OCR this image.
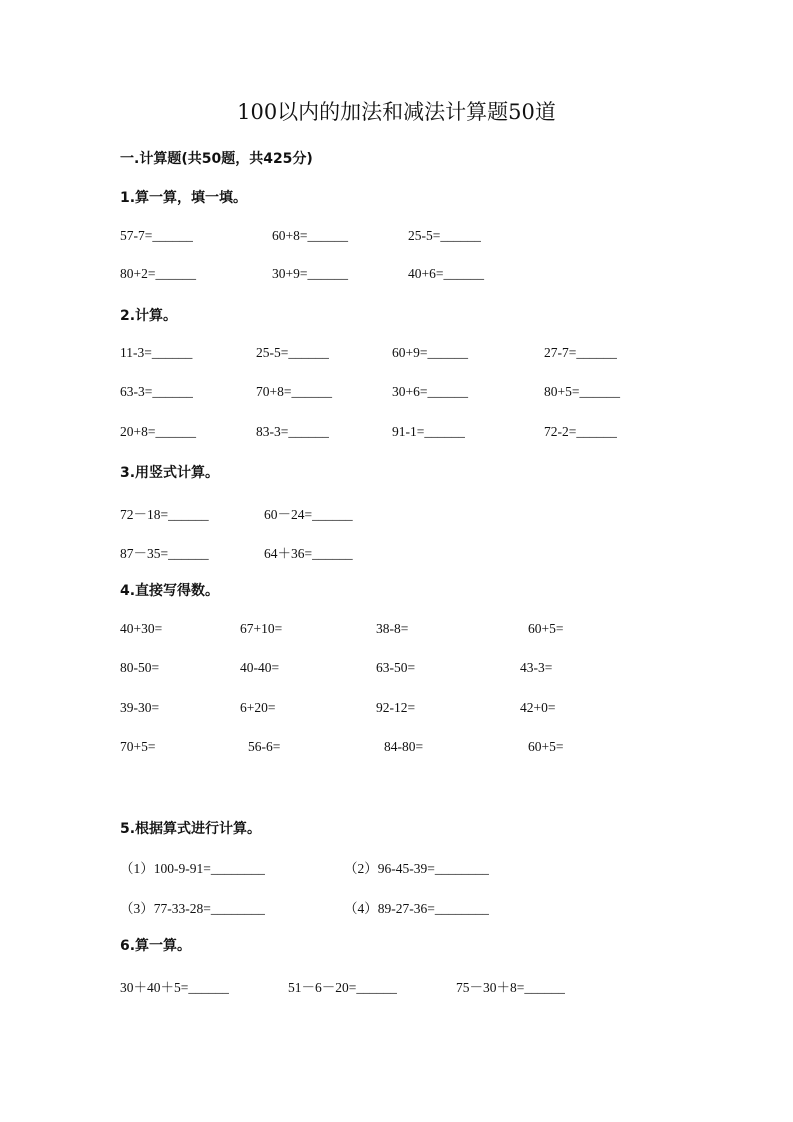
100以内的加法和减法计算题50道
一.计算题(共50题，共425分)
1.算一算，填一填。
57-7=______	60+8=______	25-5=______
80+2=______	30+9=______	40+6=______
2.计算。
11-3=______	25-5=______	60+9=______	27-7=______
63-3=______	70+8=______	30+6=______	80+5=______
20+8=______	83-3=______	91-1=______	72-2=______
3.用竖式计算。
72－18=______	60－24=______
87－35=______	64＋36=______
4.直接写得数。
40+30=	67+10=	38-8=	60+5=
80-50=	40-40=	63-50=	43-3=
39-30=	6+20=	92-12=	42+0=
70+5=	56-6=	84-80=	60+5=
5.根据算式进行计算。
（1）100-9-91=________	（2）96-45-39=________
（3）77-33-28=________	（4）89-27-36=________
6.算一算。
30＋40＋5=______	51－6－20=______	75－30＋8=______
